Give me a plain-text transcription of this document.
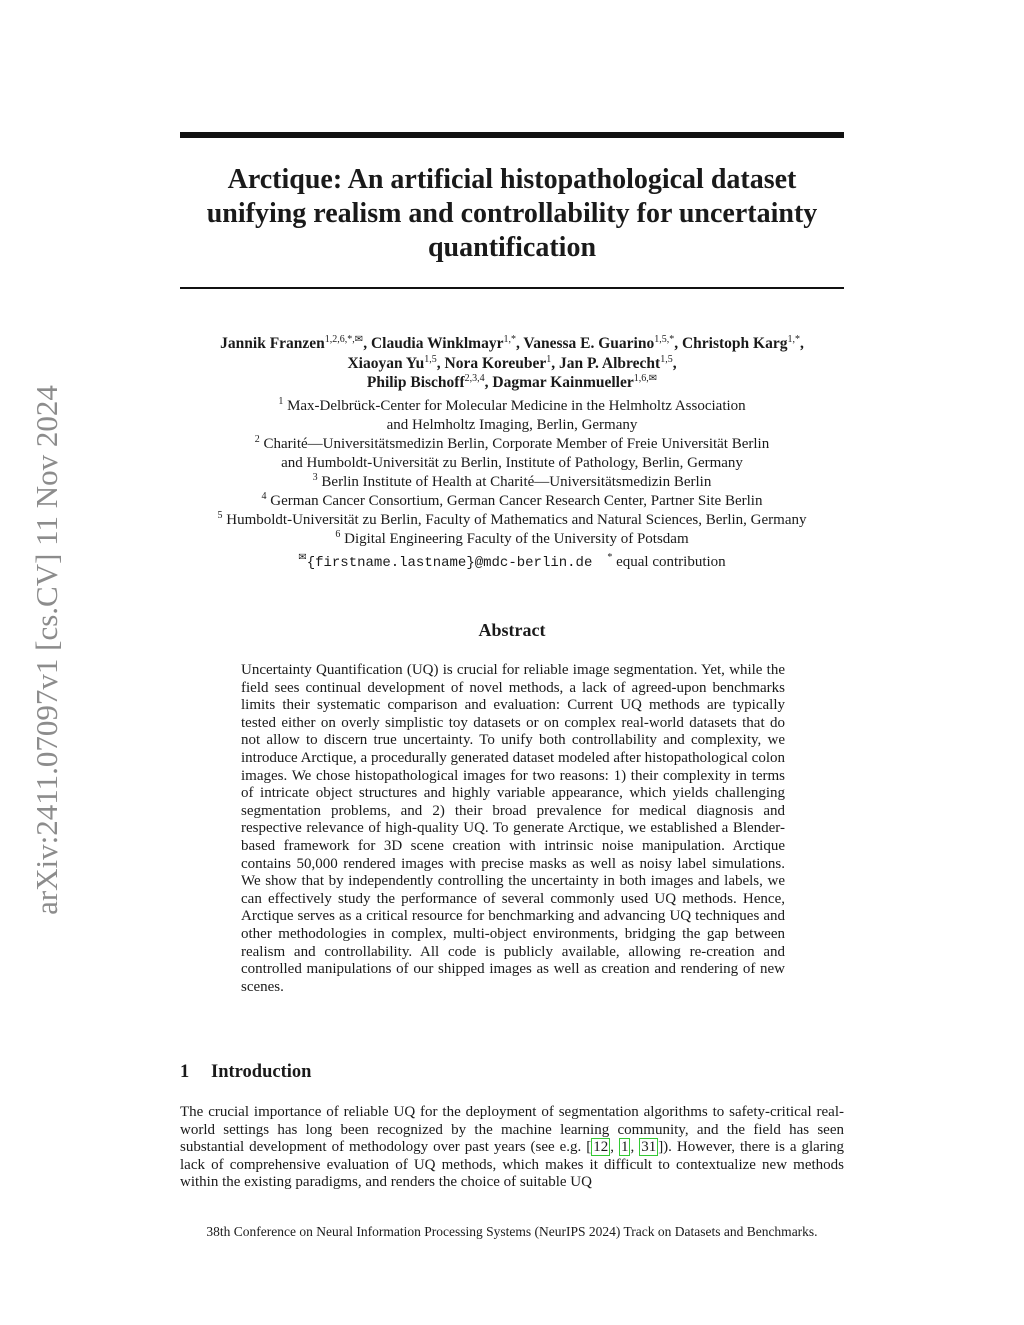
arXiv:2411.07097v1 [cs.CV] 11 Nov 2024
Arctique: An artificial histopathological dataset unifying realism and controllability for uncertainty quantification
Jannik Franzen$^{1,2,6,*,✉}$, Claudia Winklmayr$^{1,*}$, Vanessa E. Guarino$^{1,5,*}$, Christoph Karg$^{1,*}$,
Xiaoyan Yu$^{1,5}$, Nora Koreuber$^1$, Jan P. Albrecht$^{1,5}$,
Philip Bischoff$^{2,3,4}$, Dagmar Kainmueller$^{1,6,✉}$
$^1$ Max-Delbrück-Center for Molecular Medicine in the Helmholtz Association
and Helmholtz Imaging, Berlin, Germany
$^2$ Charité—Universitätsmedizin Berlin, Corporate Member of Freie Universität Berlin
and Humboldt-Universität zu Berlin, Institute of Pathology, Berlin, Germany
$^3$ Berlin Institute of Health at Charité—Universitätsmedizin Berlin
$^4$ German Cancer Consortium, German Cancer Research Center, Partner Site Berlin
$^5$ Humboldt-Universität zu Berlin, Faculty of Mathematics and Natural Sciences, Berlin, Germany
$^6$ Digital Engineering Faculty of the University of Potsdam
✉{firstname.lastname}@mdc-berlin.de * equal contribution
Abstract

Uncertainty Quantification (UQ) is crucial for reliable image segmentation. Yet, while the field sees continual development of novel methods, a lack of agreed-upon benchmarks limits their systematic comparison and evaluation: Current UQ methods are typically tested either on overly simplistic toy datasets or on complex real-world datasets that do not allow to discern true uncertainty. To unify both controllability and complexity, we introduce Arctique, a procedurally generated dataset modeled after histopathological colon images. We chose histopathological images for two reasons: 1) their complexity in terms of intricate object structures and highly variable appearance, which yields challenging segmentation problems, and 2) their broad prevalence for medical diagnosis and respective relevance of high-quality UQ. To generate Arctique, we established a Blender-based framework for 3D scene creation with intrinsic noise manipulation. Arctique contains 50,000 rendered images with precise masks as well as noisy label simulations. We show that by independently controlling the uncertainty in both images and labels, we can effectively study the performance of several commonly used UQ methods. Hence, Arctique serves as a critical resource for benchmarking and advancing UQ techniques and other methodologies in complex, multi-object environments, bridging the gap between realism and controllability. All code is publicly available, allowing re-creation and controlled manipulations of our shipped images as well as creation and rendering of new scenes.

1 Introduction

The crucial importance of reliable UQ for the deployment of segmentation algorithms to safety-critical real-world settings has long been recognized by the machine learning community, and the field has seen substantial development of methodology over past years (see e.g. [ 12 , 1 , 31 ]). However, there is a glaring lack of comprehensive evaluation of UQ methods, which makes it difficult to contextualize new methods within the existing paradigms, and renders the choice of suitable UQ

38th Conference on Neural Information Processing Systems (NeurIPS 2024) Track on Datasets and Benchmarks.
